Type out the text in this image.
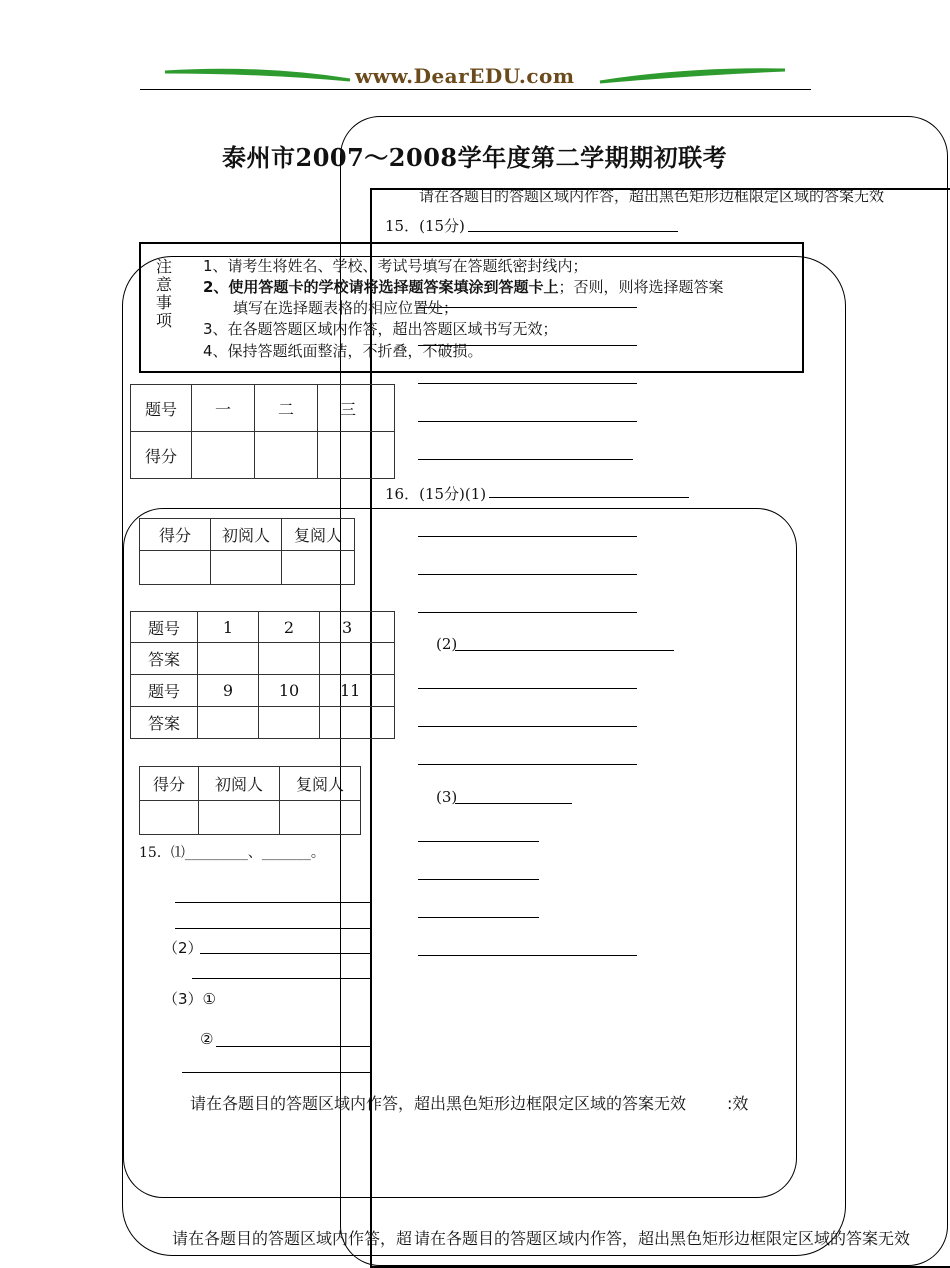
www.DearEDU.com
泰州市2007～2008学年度第二学期期初联考
注
意
事
项
1、请考生将姓名、学校、考试号填写在答题纸密封线内；
2、使用答题卡的学校请将选择题答案填涂到答题卡上；否则，则将选择题答案
填写在选择题表格的相应位置处；
3、在各题答题区域内作答，超出答题区域书写无效；
4、保持答题纸面整洁，不折叠，不破损。
题号	一	二	三
得分			
得分	初阅人	复阅人

题号	1	2	3
答案			
题号	9	10	11
答案			
得分	初阅人	复阅人

15．⑴_________、_______。
（2）
（3）①
②
请在各题目的答题区域内作答，超出黑色矩形边框限定区域的答案无效
15．(15分)
16．(15分)(1)
(2)
(3)
请在各题目的答题区域内作答，超出黑色矩形边框限定区域的答案无效	:效
请在各题目的答题区域内作答，超 请在各题目的答题区域内作答，超出黑色矩形边框限定区域的答案无效
